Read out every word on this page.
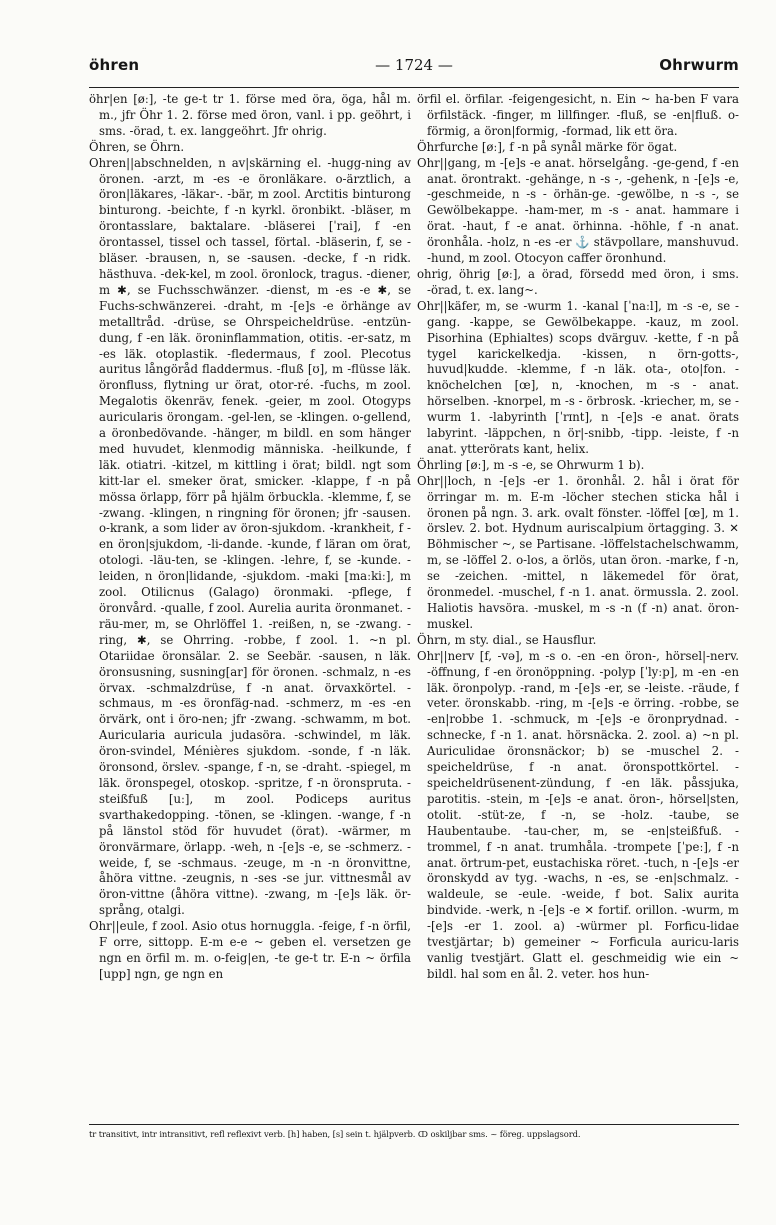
öhren	— 1724 —	Ohrwurm

öhr|en [øː], -te ge-t tr 1. förse med öra, öga, hål m. m., jfr Öhr 1. 2. förse med öron, vanl. i pp. geöhrt, i sms. -örad, t. ex. langgeöhrt. Jfr ohrig.

Öhren, se Öhrn.

Ohren||abschnelden, n av|skärning el. -hugg-ning av öronen. -arzt, m -es -e öronläkare. o-ärztlich, a öron|läkares, -läkar-. -bär, m zool. Arctitis binturong binturong. -beichte, f -n kyrkl. öronbikt. -bläser, m örontasslare, baktalare. -bläserei [ˈrai], f -en örontassel, tissel och tassel, förtal. -bläserin, f, se -bläser. -brausen, n, se -sausen. -decke, f -n ridk. hästhuva. -dek-kel, m zool. öronlock, tragus. -diener, m ✱, se Fuchsschwänzer. -dienst, m -es -e ✱, se Fuchs-schwänzerei. -draht, m -[e]s -e örhänge av metalltråd. -drüse, se Ohrspeicheldrüse. -entzün-dung, f -en läk. öroninflammation, otitis. -er-satz, m -es läk. otoplastik. -fledermaus, f zool. Plecotus auritus långöråd fladdermus. -fluß [ʊ], m -flüsse läk. öronfluss, flytning ur örat, otor-ré. -fuchs, m zool. Megalotis ökenräv, fenek. -geier, m zool. Otogyps auricularis örongam. -gel-len, se -klingen. o-gellend, a öronbedövande. -hänger, m bildl. en som hänger med huvudet, klenmodig människa. -heilkunde, f läk. otiatri. -kitzel, m kittling i örat; bildl. ngt som kitt-lar el. smeker örat, smicker. -klappe, f -n på mössa örlapp, förr på hjälm örbuckla. -klemme, f, se -zwang. -klingen, n ringning för öronen; jfr -sausen. o-krank, a som lider av öron-sjukdom. -krankheit, f -en öron|sjukdom, -li-dande. -kunde, f läran om örat, otologi. -läu-ten, se -klingen. -lehre, f, se -kunde. -leiden, n öron|lidande, -sjukdom. -maki [maːkiː], m zool. Otilicnus (Galago) öronmaki. -pflege, f öronvård. -qualle, f zool. Aurelia aurita öronmanet. -räu-mer, m, se Ohrlöffel 1. -reißen, n, se -zwang. -ring, ✱, se Ohrring. -robbe, f zool. 1. ~n pl. Otariidae öronsälar. 2. se Seebär. -sausen, n läk. öronsusning, susning[ar] för öronen. -schmalz, n -es örvax. -schmalzdrüse, f -n anat. örvaxkörtel. -schmaus, m -es öronfäg-nad. -schmerz, m -es -en örvärk, ont i öro-nen; jfr -zwang. -schwamm, m bot. Auricularia auricula judasöra. -schwindel, m läk. öron-svindel, Ménières sjukdom. -sonde, f -n läk. öronsond, örslev. -spange, f -n, se -draht. -spiegel, m läk. öronspegel, otoskop. -spritze, f -n öronspruta. -steißfuß [uː], m zool. Podiceps auritus svarthakedopping. -tönen, se -klingen. -wange, f -n på länstol stöd för huvudet (örat). -wärmer, m öronvärmare, örlapp. -weh, n -[e]s -e, se -schmerz. -weide, f, se -schmaus. -zeuge, m -n -n öronvittne, åhöra vittne. -zeugnis, n -ses -se jur. vittnesmål av öron-vittne (åhöra vittne). -zwang, m -[e]s läk. ör-språng, otalgi.

Ohr||eule, f zool. Asio otus hornuggla. -feige, f -n örfil, F orre, sittopp. E-m e-e ~ geben el. versetzen ge ngn en örfil m. m. o-feig|en, -te ge-t tr. E-n ~ örfila [upp] ngn, ge ngn en

örfil el. örfilar. -feigengesicht, n. Ein ~ ha-ben F vara örfilstäck. -finger, m lillfinger. -fluß, se -en|fluß. o-förmig, a öron|formig, -formad, lik ett öra.

Öhrfurche [øː], f -n på synål märke för ögat.

Ohr||gang, m -[e]s -e anat. hörselgång. -ge-gend, f -en anat. örontrakt. -gehänge, n -s -, -gehenk, n -[e]s -e, -geschmeide, n -s - örhän-ge. -gewölbe, n -s -, se Gewölbekappe. -ham-mer, m -s - anat. hammare i örat. -haut, f -e anat. örhinna. -höhle, f -n anat. öronhåla. -holz, n -es -er ⚓ stävpollare, manshuvud. -hund, m zool. Otocyon caffer öronhund.

ohrig, öhrig [øː], a örad, försedd med öron, i sms. -örad, t. ex. lang~.

Ohr||käfer, m, se -wurm 1. -kanal [ˈnaːl], m -s -e, se -gang. -kappe, se Gewölbekappe. -kauz, m zool. Pisorhina (Ephialtes) scops dvärguv. -kette, f -n på tygel karickelkedja. -kissen, n örn-gotts-, huvud|kudde. -klemme, f -n läk. ota-, oto|fon. -knöchelchen [œ], n, -knochen, m -s - anat. hörselben. -knorpel, m -s - örbrosk. -kriecher, m, se -wurm 1. -labyrinth [ˈrɪnt], n -[e]s -e anat. örats labyrint. -läppchen, n ör|-snibb, -tipp. -leiste, f -n anat. ytterörats kant, helix.

Öhrling [øː], m -s -e, se Ohrwurm 1 b).

Ohr||loch, n -[e]s -er 1. öronhål. 2. hål i örat för örringar m. m. E-m -löcher stechen sticka hål i öronen på ngn. 3. ark. ovalt fönster. -löffel [œ], m 1. örslev. 2. bot. Hydnum auriscalpium örtagging. 3. ✕ Böhmischer ~, se Partisane. -löffelstachelschwamm, m, se -löffel 2. o-los, a örlös, utan öron. -marke, f -n, se -zeichen. -mittel, n läkemedel för örat, öronmedel. -muschel, f -n 1. anat. örmussla. 2. zool. Haliotis havsöra. -muskel, m -s -n (f -n) anat. öron-muskel.

Öhrn, m sty. dial., se Hausflur.

Ohr||nerv [f, -və], m -s o. -en -en öron-, hörsel|-nerv. -öffnung, f -en öronöppning. -polyp [ˈlyːp], m -en -en läk. öronpolyp. -rand, m -[e]s -er, se -leiste. -räude, f veter. öronskabb. -ring, m -[e]s -e örring. -robbe, se -en|robbe 1. -schmuck, m -[e]s -e öronprydnad. -schnecke, f -n 1. anat. hörsnäcka. 2. zool. a) ~n pl. Auriculidae öronsnäckor; b) se -muschel 2. -speicheldrüse, f -n anat. öronspottkörtel. -speicheldrüsenent-zündung, f -en läk. påssjuka, parotitis. -stein, m -[e]s -e anat. öron-, hörsel|sten, otolit. -stüt-ze, f -n, se -holz. -taube, se Haubentaube. -tau-cher, m, se -en|steißfuß. -trommel, f -n anat. trumhåla. -trompete [ˈpeː], f -n anat. örtrum-pet, eustachiska röret. -tuch, n -[e]s -er öronskydd av tyg. -wachs, n -es, se -en|schmalz. -waldeule, se -eule. -weide, f bot. Salix aurita bindvide. -werk, n -[e]s -e ✕ fortif. orillon. -wurm, m -[e]s -er 1. zool. a) -würmer pl. Forficu-lidae tvestjärtar; b) gemeiner ~ Forficula auricu-laris vanlig tvestjärt. Glatt el. geschmeidig wie ein ~ bildl. hal som en ål. 2. veter. hos hun-

tr transitivt, intr intransitivt, refl reflexivt verb. [h] haben, [s] sein t. hjälpverb. ↀ oskiljbar sms. ~ föreg. uppslagsord.
